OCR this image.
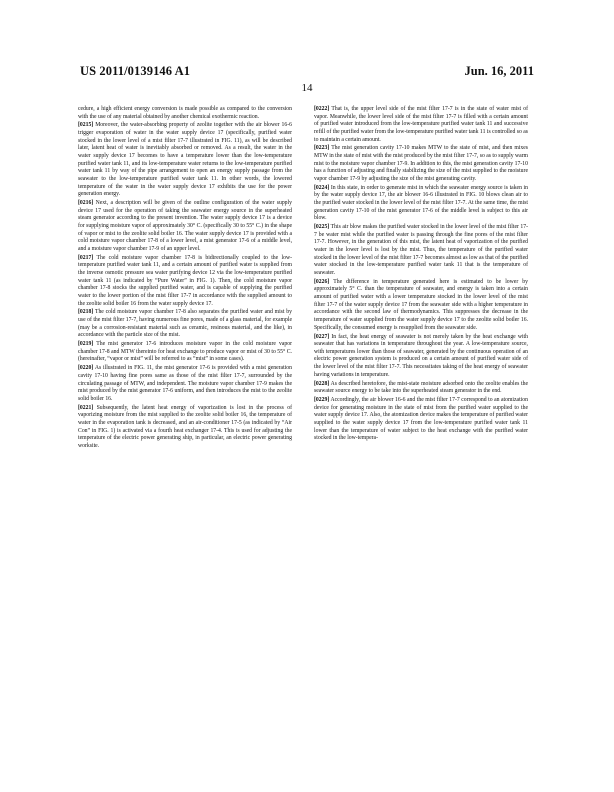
US 2011/0139146 A1	Jun. 16, 2011
14

cedure, a high efficient energy conversion is made possible as compared to the conversion with the use of any material obtained by another chemical exothermic reaction.

[0215] Moreover, the water-absorbing property of zeolite together with the air blower 16-6 trigger evaporation of water in the water supply device 17 (specifically, purified water stocked in the lower level of a mist filter 17-7 illustrated in FIG. 11), as will be described later, latent heat of water is inevitably absorbed or removed. As a result, the water in the water supply device 17 becomes to have a temperature lower than the low-temperature purified water tank 11, and its low-temperature water returns to the low-temperature purified water tank 11 by way of the pipe arrangement to open an energy supply passage from the seawater to the low-temperature purified water tank 11. In other words, the lowered temperature of the water in the water supply device 17 exhibits the use for the power generation energy.

[0216] Next, a description will be given of the outline configuration of the water supply device 17 used for the operation of taking the seawater energy source in the superheated steam generator according to the present invention. The water supply device 17 is a device for supplying moisture vapor of approximately 30° C. (specifically 30 to 55° C.) in the shape of vapor or mist to the zeolite solid boiler 16. The water supply device 17 is provided with a cold moisture vapor chamber 17-8 of a lower level, a mist generator 17-6 of a middle level, and a moisture vapor chamber 17-9 of an upper level.

[0217] The cold moisture vapor chamber 17-8 is bidirectionally coupled to the low-temperature purified water tank 11, and a certain amount of purified water is supplied from the inverse osmotic pressure sea water purifying device 12 via the low-temperature purified water tank 11 (as indicated by “Pure Water” in FIG. 1). Then, the cold moisture vapor chamber 17-8 stocks the supplied purified water, and is capable of supplying the purified water to the lower portion of the mist filter 17-7 in accordance with the supplied amount to the zeolite solid boiler 16 from the water supply device 17.

[0218] The cold moisture vapor chamber 17-8 also separates the purified water and mist by use of the mist filter 17-7, having numerous fine pores, made of a glass material, for example (may be a corrosion-resistant material such as ceramic, resinous material, and the like), in accordance with the particle size of the mist.

[0219] The mist generator 17-6 introduces moisture vapor in the cold moisture vapor chamber 17-8 and MTW thereinto for heat exchange to produce vapor or mist of 30 to 55° C. (hereinafter, “vapor or mist” will be referred to as “mist” in some cases).

[0220] As illustrated in FIG. 11, the mist generator 17-6 is provided with a mist generation cavity 17-10 having fine pores same as those of the mist filter 17-7, surrounded by the circulating passage of MTW, and independent. The moisture vapor chamber 17-9 makes the mist produced by the mist generator 17-6 uniform, and then introduces the mist to the zeolite solid boiler 16.

[0221] Subsequently, the latent heat energy of vaporization is lost in the process of vaporizing moisture from the mist supplied to the zeolite solid boiler 16, the temperature of water in the evaporation tank is decreased, and an air-conditioner 17-5 (as indicated by “Air Con” in FIG. 1) is activated via a fourth heat exchanger 17-4. This is used for adjusting the temperature of the electric power generating ship, in particular, an electric power generating worksite.

[0222] That is, the upper level side of the mist filter 17-7 is in the state of water mist of vapor. Meanwhile, the lower level side of the mist filter 17-7 is filled with a certain amount of purified water introduced from the low-temperature purified water tank 11 and successive refill of the purified water from the low-temperature purified water tank 11 is controlled so as to maintain a certain amount.

[0223] The mist generation cavity 17-10 makes MTW to the state of mist, and then mixes MTW in the state of mist with the mist produced by the mist filter 17-7, so as to supply warm mist to the moisture vapor chamber 17-9. In addition to this, the mist generation cavity 17-10 has a function of adjusting and finally stabilizing the size of the mist supplied to the moisture vapor chamber 17-9 by adjusting the size of the mist generating cavity.

[0224] In this state, in order to generate mist in which the seawater energy source is taken in by the water supply device 17, the air blower 16-6 illustrated in FIG. 10 blows clean air to the purified water stocked in the lower level of the mist filter 17-7. At the same time, the mist generation cavity 17-10 of the mist generator 17-6 of the middle level is subject to this air blow.

[0225] This air blow makes the purified water stocked in the lower level of the mist filter 17-7 be water mist while the purified water is passing through the fine pores of the mist filter 17-7. However, in the generation of this mist, the latent heat of vaporization of the purified water in the lower level is lost by the mist. Thus, the temperature of the purified water stocked in the lower level of the mist filter 17-7 becomes almost as low as that of the purified water stocked in the low-temperature purified water tank 11 that is the temperature of seawater.

[0226] The difference in temperature generated here is estimated to be lower by approximately 5° C. than the temperature of seawater, and energy is taken into a certain amount of purified water with a lower temperature stocked in the lower level of the mist filter 17-7 of the water supply device 17 from the seawater side with a higher temperature in accordance with the second law of thermodynamics. This suppresses the decrease in the temperature of water supplied from the water supply device 17 to the zeolite solid boiler 16. Specifically, the consumed energy is resupplied from the seawater side.

[0227] In fact, the heat energy of seawater is not merely taken by the heat exchange with seawater that has variations in temperature throughout the year. A low-temperature source, with temperatures lower than those of seawater, generated by the continuous operation of an electric power generation system is produced on a certain amount of purified water side of the lower level of the mist filter 17-7. This necessitates taking of the heat energy of seawater having variations in temperature.

[0228] As described heretofore, the mist-state moisture adsorbed onto the zeolite enables the seawater source energy to be take into the superheated steam generator in the end.

[0229] Accordingly, the air blower 16-6 and the mist filter 17-7 correspond to an atomization device for generating moisture in the state of mist from the purified water supplied to the water supply device 17. Also, the atomization device makes the temperature of purified water supplied to the water supply device 17 from the low-temperature purified water tank 11 lower than the temperature of water subject to the heat exchange with the purified water stocked in the low-tempera-
